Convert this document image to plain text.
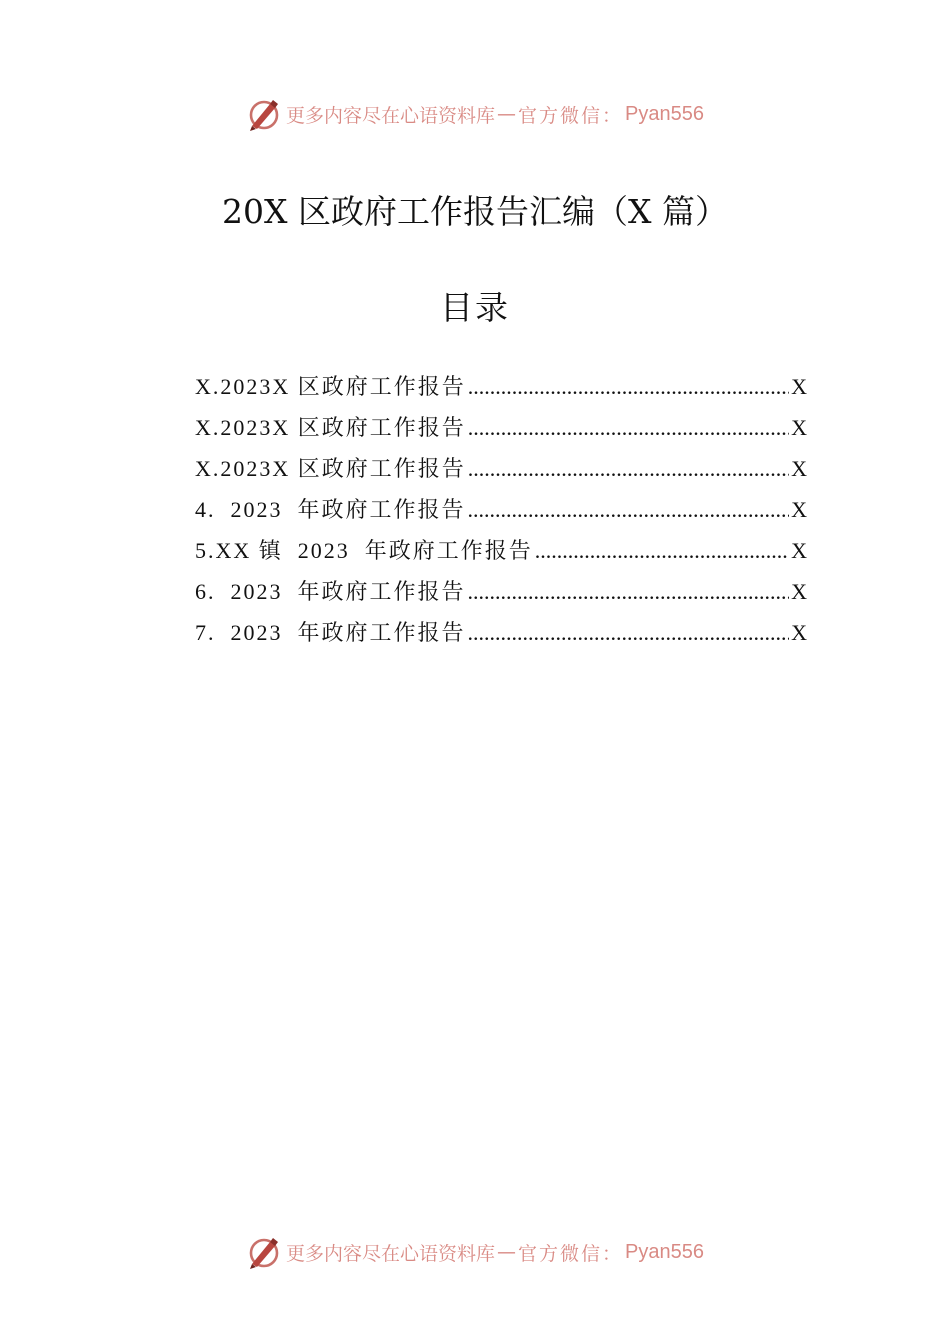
更多内容尽在心语资料库 — 官方微信： Pyan556
20X 区政府工作报告汇编（X 篇）
目录
X.2023X 区政府工作报告 .....	X
X.2023X 区政府工作报告 .....	X
X.2023X 区政府工作报告 .....	X
4.  2023  年政府工作报告 .....	X
5.XX 镇  2023  年政府工作报告 .....	X
6.  2023  年政府工作报告 .....	X
7.  2023  年政府工作报告 .....	X
更多内容尽在心语资料库 — 官方微信： Pyan556
